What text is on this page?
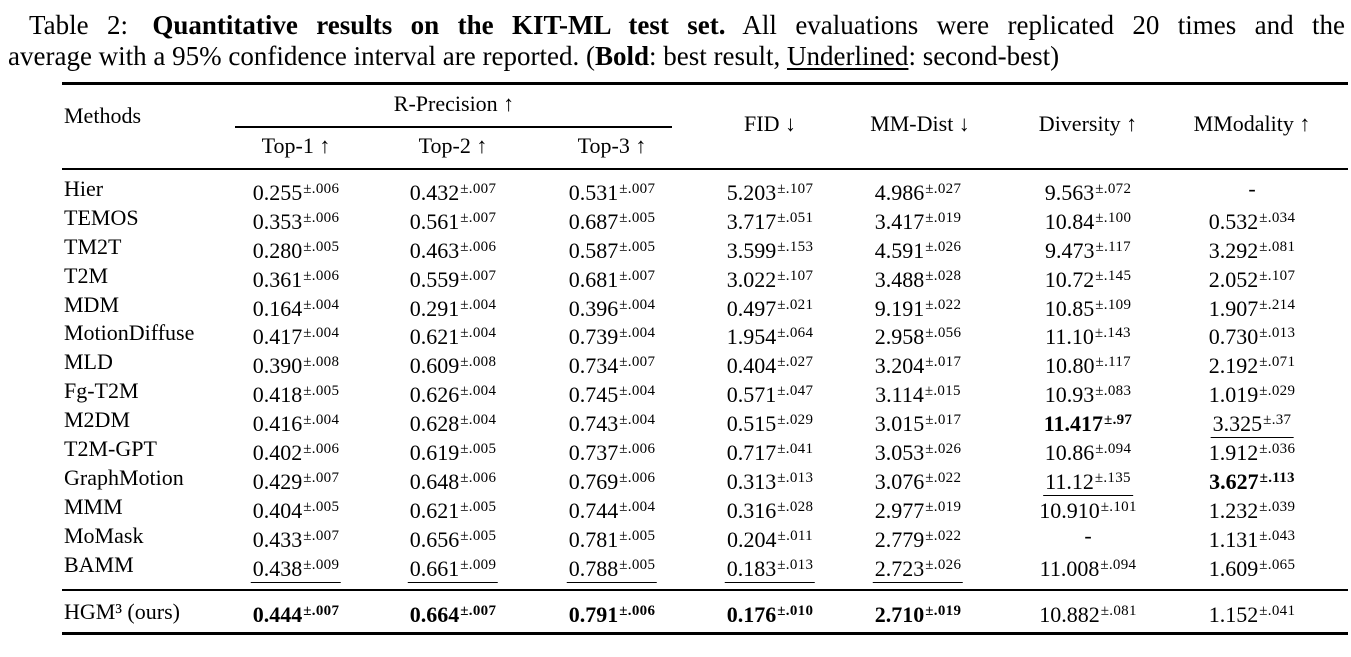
Table 2: Quantitative results on the KIT-ML test set. All evaluations were replicated 20 times and the
average with a 95% confidence interval are reported. (Bold: best result, Underlined: second-best)
Methods	R-Precision ↑
Top-1 ↑	Top-2 ↑	Top-3 ↑
FID ↓	MM-Dist ↓	Diversity ↑	MModality ↑
Hier	$0.255^{\pm.006}$	$0.432^{\pm.007}$	$0.531^{\pm.007}$	$5.203^{\pm.107}$	$4.986^{\pm.027}$	$9.563^{\pm.072}$	-
TEMOS	$0.353^{\pm.006}$	$0.561^{\pm.007}$	$0.687^{\pm.005}$	$3.717^{\pm.051}$	$3.417^{\pm.019}$	$10.84^{\pm.100}$	$0.532^{\pm.034}$
TM2T	$0.280^{\pm.005}$	$0.463^{\pm.006}$	$0.587^{\pm.005}$	$3.599^{\pm.153}$	$4.591^{\pm.026}$	$9.473^{\pm.117}$	$3.292^{\pm.081}$
T2M	$0.361^{\pm.006}$	$0.559^{\pm.007}$	$0.681^{\pm.007}$	$3.022^{\pm.107}$	$3.488^{\pm.028}$	$10.72^{\pm.145}$	$2.052^{\pm.107}$
MDM	$0.164^{\pm.004}$	$0.291^{\pm.004}$	$0.396^{\pm.004}$	$0.497^{\pm.021}$	$9.191^{\pm.022}$	$10.85^{\pm.109}$	$1.907^{\pm.214}$
MotionDiffuse	$0.417^{\pm.004}$	$0.621^{\pm.004}$	$0.739^{\pm.004}$	$1.954^{\pm.064}$	$2.958^{\pm.056}$	$11.10^{\pm.143}$	$0.730^{\pm.013}$
MLD	$0.390^{\pm.008}$	$0.609^{\pm.008}$	$0.734^{\pm.007}$	$0.404^{\pm.027}$	$3.204^{\pm.017}$	$10.80^{\pm.117}$	$2.192^{\pm.071}$
Fg-T2M	$0.418^{\pm.005}$	$0.626^{\pm.004}$	$0.745^{\pm.004}$	$0.571^{\pm.047}$	$3.114^{\pm.015}$	$10.93^{\pm.083}$	$1.019^{\pm.029}$
M2DM	$0.416^{\pm.004}$	$0.628^{\pm.004}$	$0.743^{\pm.004}$	$0.515^{\pm.029}$	$3.015^{\pm.017}$	$11.417^{\pm.97}$	$3.325^{\pm.37}$
T2M-GPT	$0.402^{\pm.006}$	$0.619^{\pm.005}$	$0.737^{\pm.006}$	$0.717^{\pm.041}$	$3.053^{\pm.026}$	$10.86^{\pm.094}$	$1.912^{\pm.036}$
GraphMotion	$0.429^{\pm.007}$	$0.648^{\pm.006}$	$0.769^{\pm.006}$	$0.313^{\pm.013}$	$3.076^{\pm.022}$	$11.12^{\pm.135}$	$3.627^{\pm.113}$
MMM	$0.404^{\pm.005}$	$0.621^{\pm.005}$	$0.744^{\pm.004}$	$0.316^{\pm.028}$	$2.977^{\pm.019}$	$10.910^{\pm.101}$	$1.232^{\pm.039}$
MoMask	$0.433^{\pm.007}$	$0.656^{\pm.005}$	$0.781^{\pm.005}$	$0.204^{\pm.011}$	$2.779^{\pm.022}$	-	$1.131^{\pm.043}$
BAMM	$0.438^{\pm.009}$	$0.661^{\pm.009}$	$0.788^{\pm.005}$	$0.183^{\pm.013}$	$2.723^{\pm.026}$	$11.008^{\pm.094}$	$1.609^{\pm.065}$
HGM³ (ours)	$0.444^{\pm.007}$	$0.664^{\pm.007}$	$0.791^{\pm.006}$	$0.176^{\pm.010}$	$2.710^{\pm.019}$	$10.882^{\pm.081}$	$1.152^{\pm.041}$
